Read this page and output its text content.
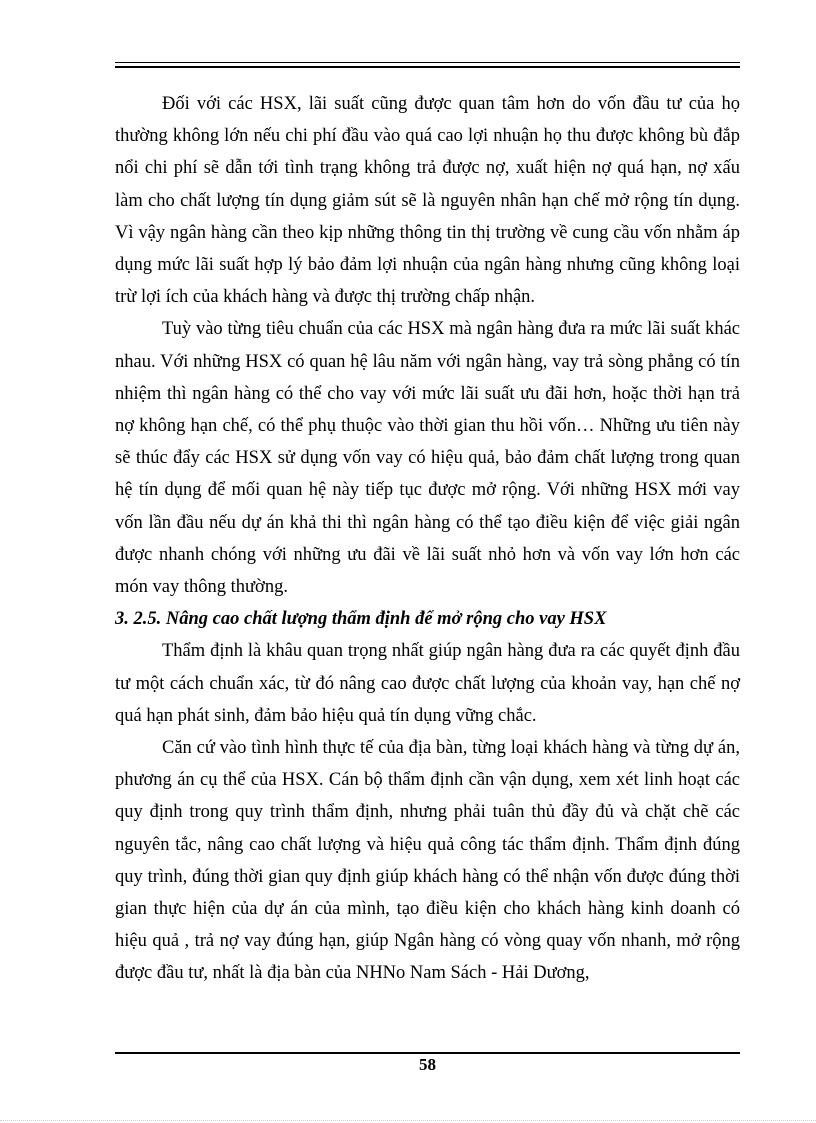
Đối với các HSX, lãi suất cũng được quan tâm hơn do vốn đầu tư của họ thường không lớn nếu chi phí đầu vào quá cao lợi nhuận họ thu được không bù đắp nổi chi phí sẽ dẫn tới tình trạng không trả được nợ, xuất hiện nợ quá hạn, nợ xấu làm cho chất lượng tín dụng giảm sút sẽ là nguyên nhân hạn chế mở rộng tín dụng. Vì vậy ngân hàng cần theo kịp những thông tin thị trường về cung cầu vốn nhằm áp dụng mức lãi suất hợp lý bảo đảm lợi nhuận của ngân hàng nhưng cũng không loại trừ lợi ích của khách hàng và được thị trường chấp nhận.

Tuỳ vào từng tiêu chuẩn của các HSX mà ngân hàng đưa ra mức lãi suất khác nhau. Với những HSX có quan hệ lâu năm với ngân hàng, vay trả sòng phẳng có tín nhiệm thì ngân hàng có thể cho vay với mức lãi suất ưu đãi hơn, hoặc thời hạn trả nợ không hạn chế, có thể phụ thuộc vào thời gian thu hồi vốn… Những ưu tiên này sẽ thúc đẩy các HSX sử dụng vốn vay có hiệu quả, bảo đảm chất lượng trong quan hệ tín dụng để mối quan hệ này tiếp tục được mở rộng. Với những HSX mới vay vốn lần đầu nếu dự án khả thi thì ngân hàng có thể tạo điều kiện để việc giải ngân được nhanh chóng với những ưu đãi về lãi suất nhỏ hơn và vốn vay lớn hơn các món vay thông thường.

3. 2.5. Nâng cao chất lượng thẩm định để mở rộng cho vay HSX

Thẩm định là khâu quan trọng nhất giúp ngân hàng đưa ra các quyết định đầu tư một cách chuẩn xác, từ đó nâng cao được chất lượng của khoản vay, hạn chế nợ quá hạn phát sinh, đảm bảo hiệu quả tín dụng vững chắc.

Căn cứ vào tình hình thực tế của địa bàn, từng loại khách hàng và từng dự án, phương án cụ thể của HSX. Cán bộ thẩm định cần vận dụng, xem xét linh hoạt các quy định trong quy trình thẩm định, nhưng phải tuân thủ đầy đủ và chặt chẽ các nguyên tắc, nâng cao chất lượng và hiệu quả công tác thẩm định. Thẩm định đúng quy trình, đúng thời gian quy định giúp khách hàng có thể nhận vốn được đúng thời gian thực hiện của dự án của mình, tạo điều kiện cho khách hàng kinh doanh có hiệu quả , trả nợ vay đúng hạn, giúp Ngân hàng có vòng quay vốn nhanh, mở rộng được đầu tư, nhất là địa bàn của NHNo Nam Sách - Hải Dương,

58
